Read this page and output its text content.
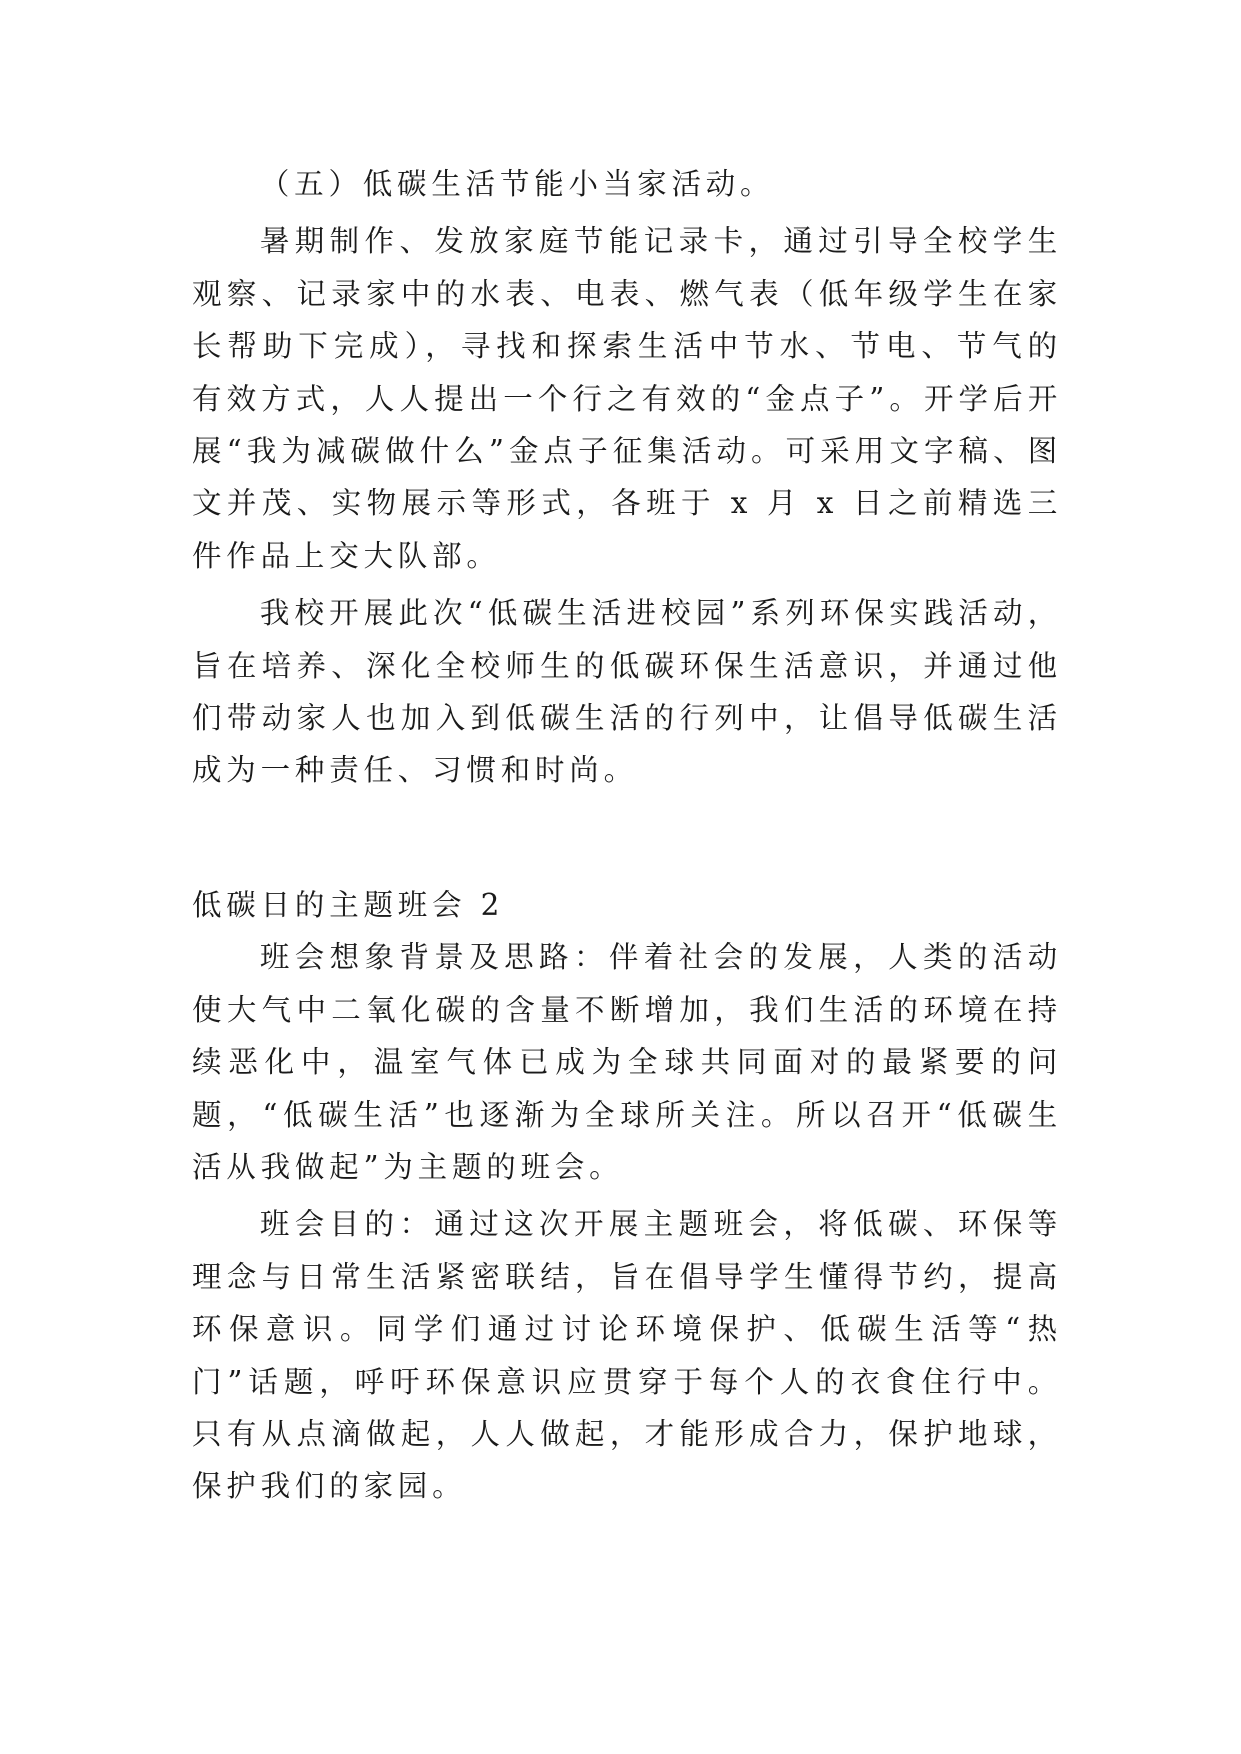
（五）低碳生活节能小当家活动。

暑期制作、发放家庭节能记录卡，通过引导全校学生观察、记录家中的水表、电表、燃气表（低年级学生在家长帮助下完成），寻找和探索生活中节水、节电、节气的有效方式，人人提出一个行之有效的“金点子”。开学后开展“我为减碳做什么”金点子征集活动。可采用文字稿、图文并茂、实物展示等形式，各班于 x 月 x 日之前精选三件作品上交大队部。

我校开展此次“低碳生活进校园”系列环保实践活动，旨在培养、深化全校师生的低碳环保生活意识，并通过他们带动家人也加入到低碳生活的行列中，让倡导低碳生活成为一种责任、习惯和时尚。

低碳日的主题班会 2

班会想象背景及思路：伴着社会的发展，人类的活动使大气中二氧化碳的含量不断增加，我们生活的环境在持续恶化中，温室气体已成为全球共同面对的最紧要的问题，“低碳生活”也逐渐为全球所关注。所以召开“低碳生活从我做起”为主题的班会。

班会目的：通过这次开展主题班会，将低碳、环保等理念与日常生活紧密联结，旨在倡导学生懂得节约，提高环保意识。同学们通过讨论环境保护、低碳生活等“热门”话题，呼吁环保意识应贯穿于每个人的衣食住行中。只有从点滴做起，人人做起，才能形成合力，保护地球，保护我们的家园。
